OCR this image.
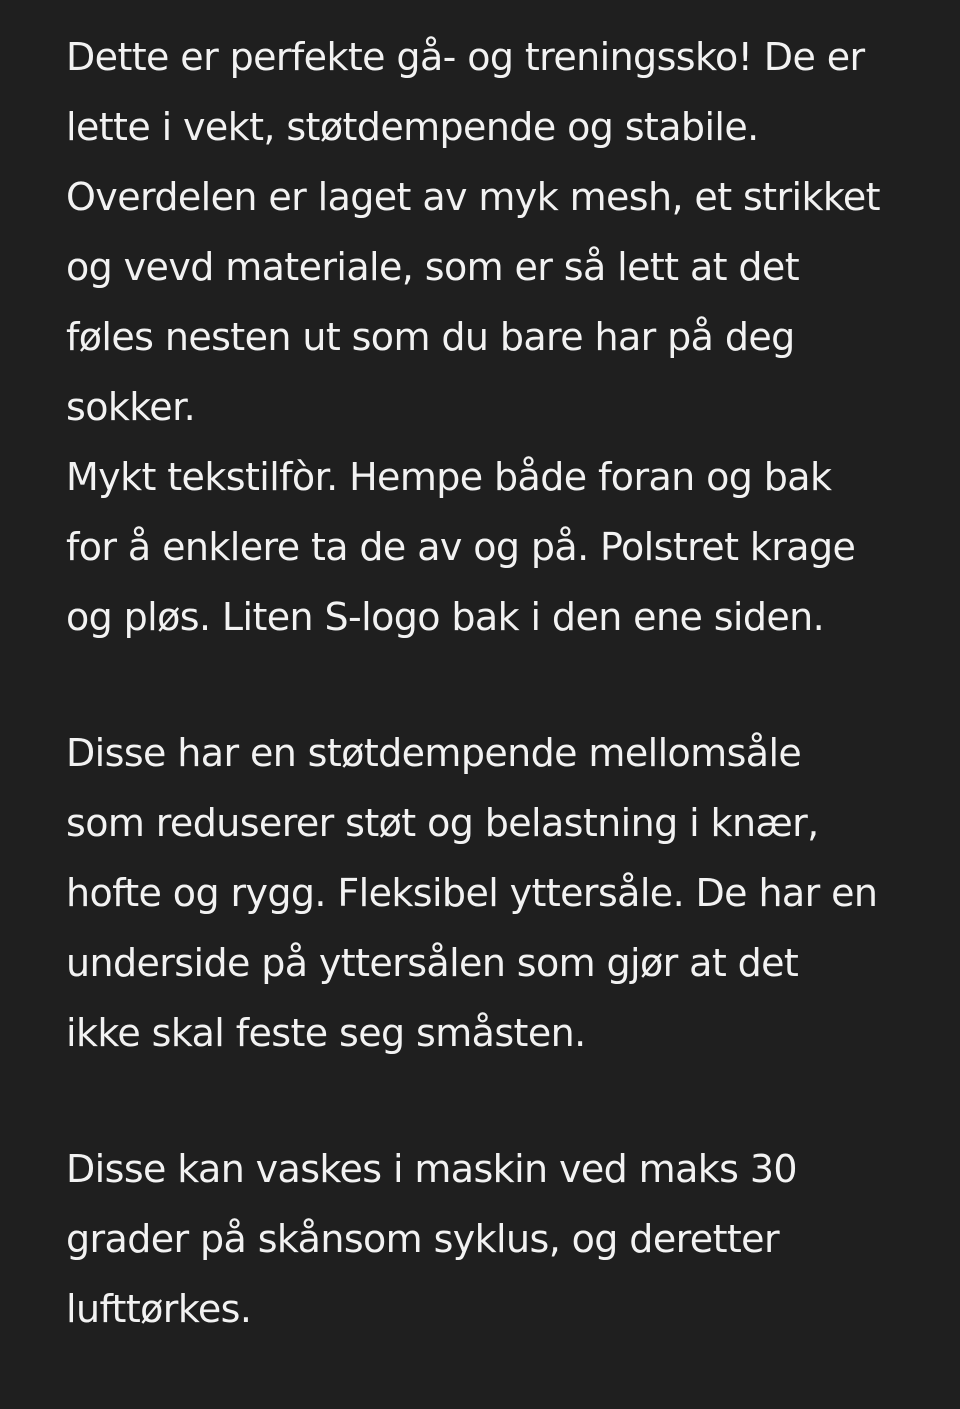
Dette er perfekte gå- og treningssko! De er
lette i vekt, støtdempende og stabile.
Overdelen er laget av myk mesh, et strikket
og vevd materiale, som er så lett at det
føles nesten ut som du bare har på deg
sokker.
Mykt tekstilfòr. Hempe både foran og bak
for å enklere ta de av og på. Polstret krage
og pløs. Liten S-logo bak i den ene siden.
Disse har en støtdempende mellomsåle
som reduserer støt og belastning i knær,
hofte og rygg. Fleksibel yttersåle. De har en
underside på yttersålen som gjør at det
ikke skal feste seg småsten.
Disse kan vaskes i maskin ved maks 30
grader på skånsom syklus, og deretter
lufttørkes.
